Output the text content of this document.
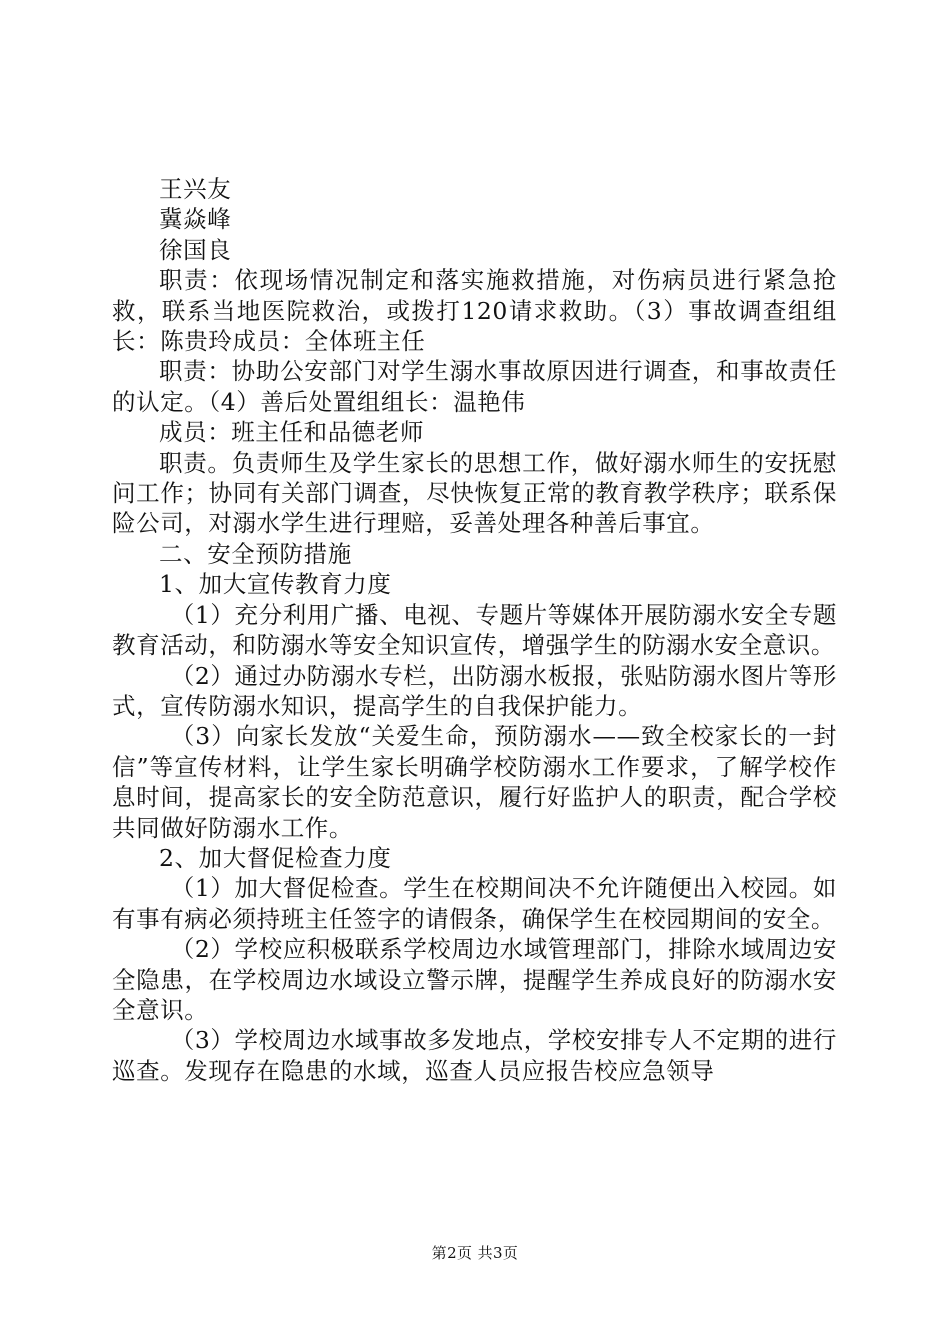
王兴友

冀焱峰

徐国良

职责：依现场情况制定和落实施救措施，对伤病员进行紧急抢救，联系当地医院救治，或拨打120请求救助。（3）事故调查组组长：陈贵玲成员：全体班主任

职责：协助公安部门对学生溺水事故原因进行调查，和事故责任的认定。（4）善后处置组组长：温艳伟

成员：班主任和品德老师

职责。负责师生及学生家长的思想工作，做好溺水师生的安抚慰问工作；协同有关部门调查，尽快恢复正常的教育教学秩序；联系保险公司，对溺水学生进行理赔，妥善处理各种善后事宜。

二、安全预防措施

1、加大宣传教育力度

（1）充分利用广播、电视、专题片等媒体开展防溺水安全专题教育活动，和防溺水等安全知识宣传，增强学生的防溺水安全意识。

（2）通过办防溺水专栏，出防溺水板报，张贴防溺水图片等形式，宣传防溺水知识，提高学生的自我保护能力。

（3）向家长发放“关爱生命，预防溺水——致全校家长的一封信”等宣传材料，让学生家长明确学校防溺水工作要求，了解学校作息时间，提高家长的安全防范意识，履行好监护人的职责，配合学校共同做好防溺水工作。

2、加大督促检查力度

（1）加大督促检查。学生在校期间决不允许随便出入校园。如有事有病必须持班主任签字的请假条，确保学生在校园期间的安全。

（2）学校应积极联系学校周边水域管理部门，排除水域周边安全隐患，在学校周边水域设立警示牌，提醒学生养成良好的防溺水安全意识。

（3）学校周边水域事故多发地点，学校安排专人不定期的进行巡查。发现存在隐患的水域，巡查人员应报告校应急领导

第2页 共3页
